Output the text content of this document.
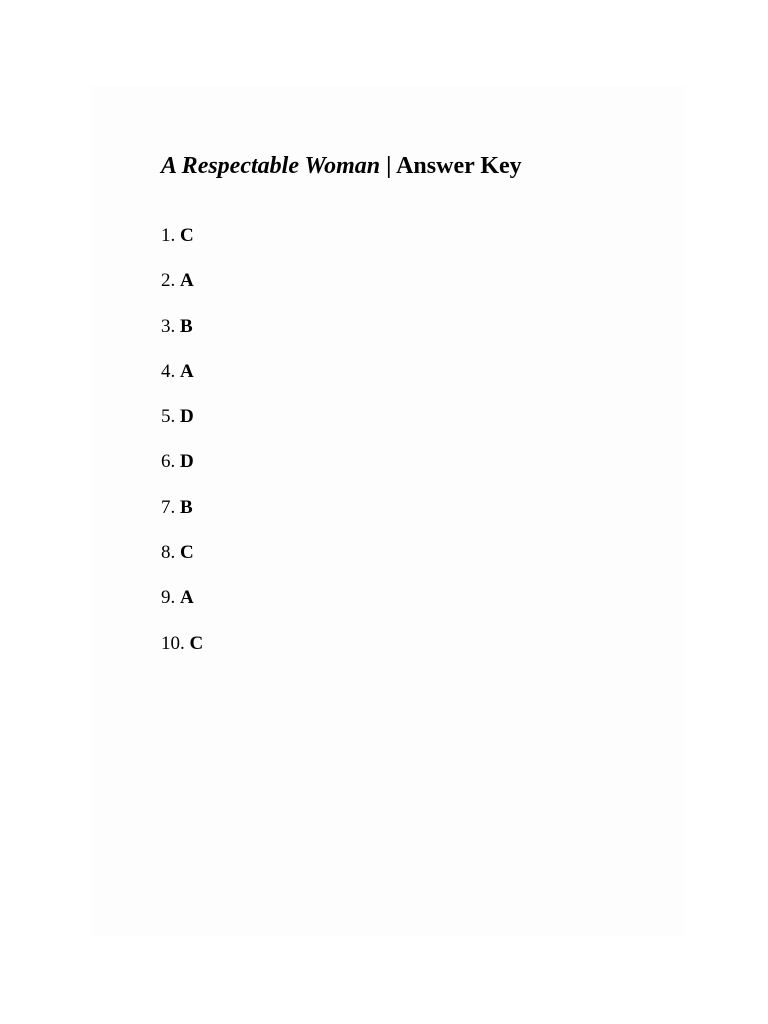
A Respectable Woman | Answer Key
1. C
2. A
3. B
4. A
5. D
6. D
7. B
8. C
9. A
10. C
